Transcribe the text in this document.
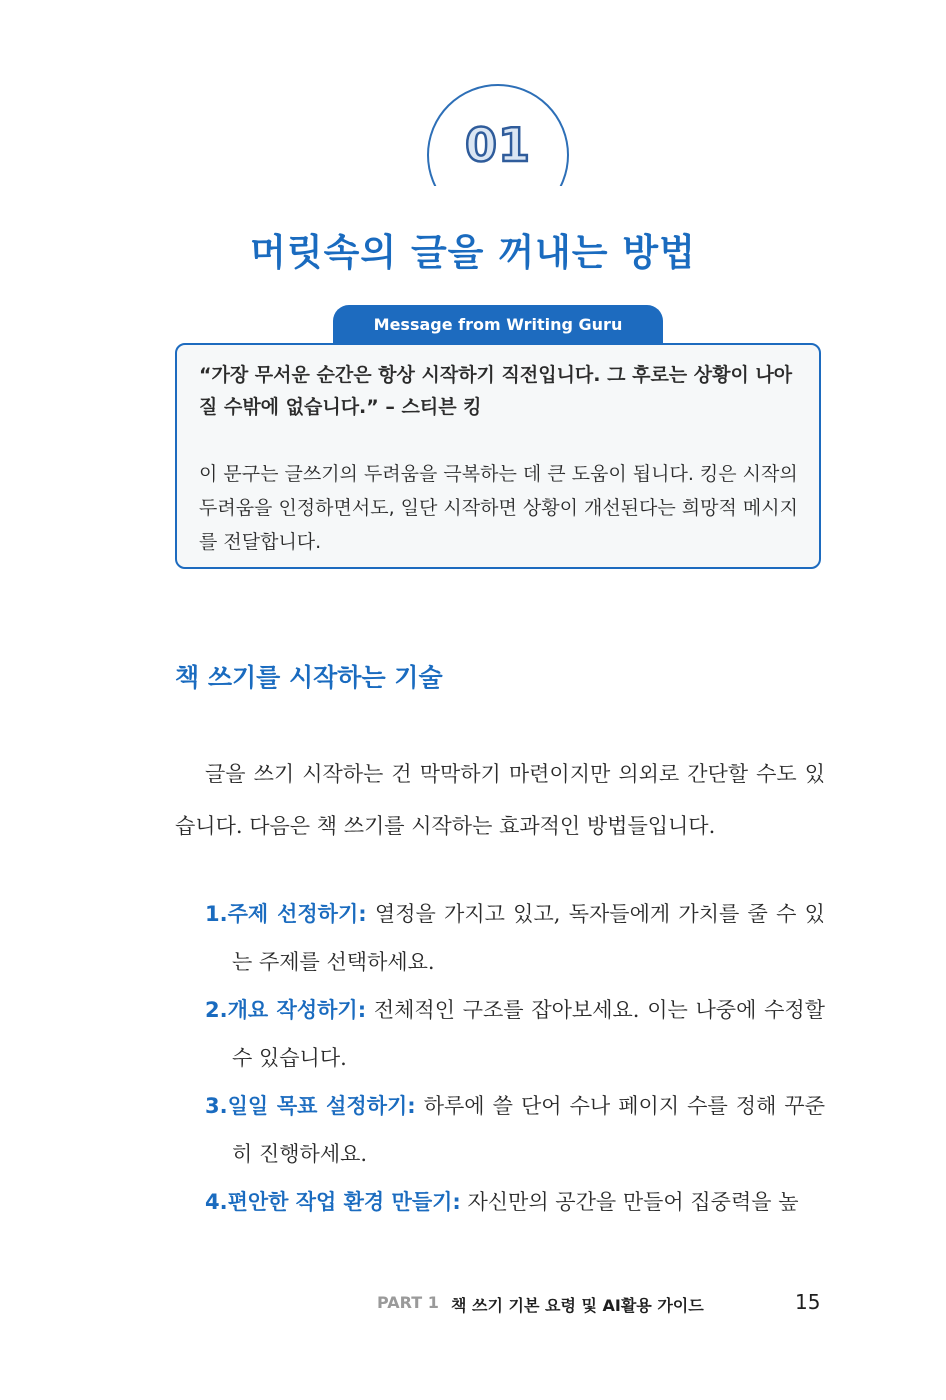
01
머릿속의 글을 꺼내는 방법
Message from Writing Guru
“가장 무서운 순간은 항상 시작하기 직전입니다. 그 후로는 상황이 나아질 수밖에 없습니다.” – 스티븐 킹
이 문구는 글쓰기의 두려움을 극복하는 데 큰 도움이 됩니다. 킹은 시작의 두려움을 인정하면서도, 일단 시작하면 상황이 개선된다는 희망적 메시지를 전달합니다.
책 쓰기를 시작하는 기술
글을 쓰기 시작하는 건 막막하기 마련이지만 의외로 간단할 수도 있습니다. 다음은 책 쓰기를 시작하는 효과적인 방법들입니다.
1.주제 선정하기: 열정을 가지고 있고, 독자들에게 가치를 줄 수 있는 주제를 선택하세요.
2.개요 작성하기: 전체적인 구조를 잡아보세요. 이는 나중에 수정할 수 있습니다.
3.일일 목표 설정하기: 하루에 쓸 단어 수나 페이지 수를 정해 꾸준히 진행하세요.
4.편안한 작업 환경 만들기: 자신만의 공간을 만들어 집중력을 높
PART 1 책 쓰기 기본 요령 및 AI활용 가이드	15
